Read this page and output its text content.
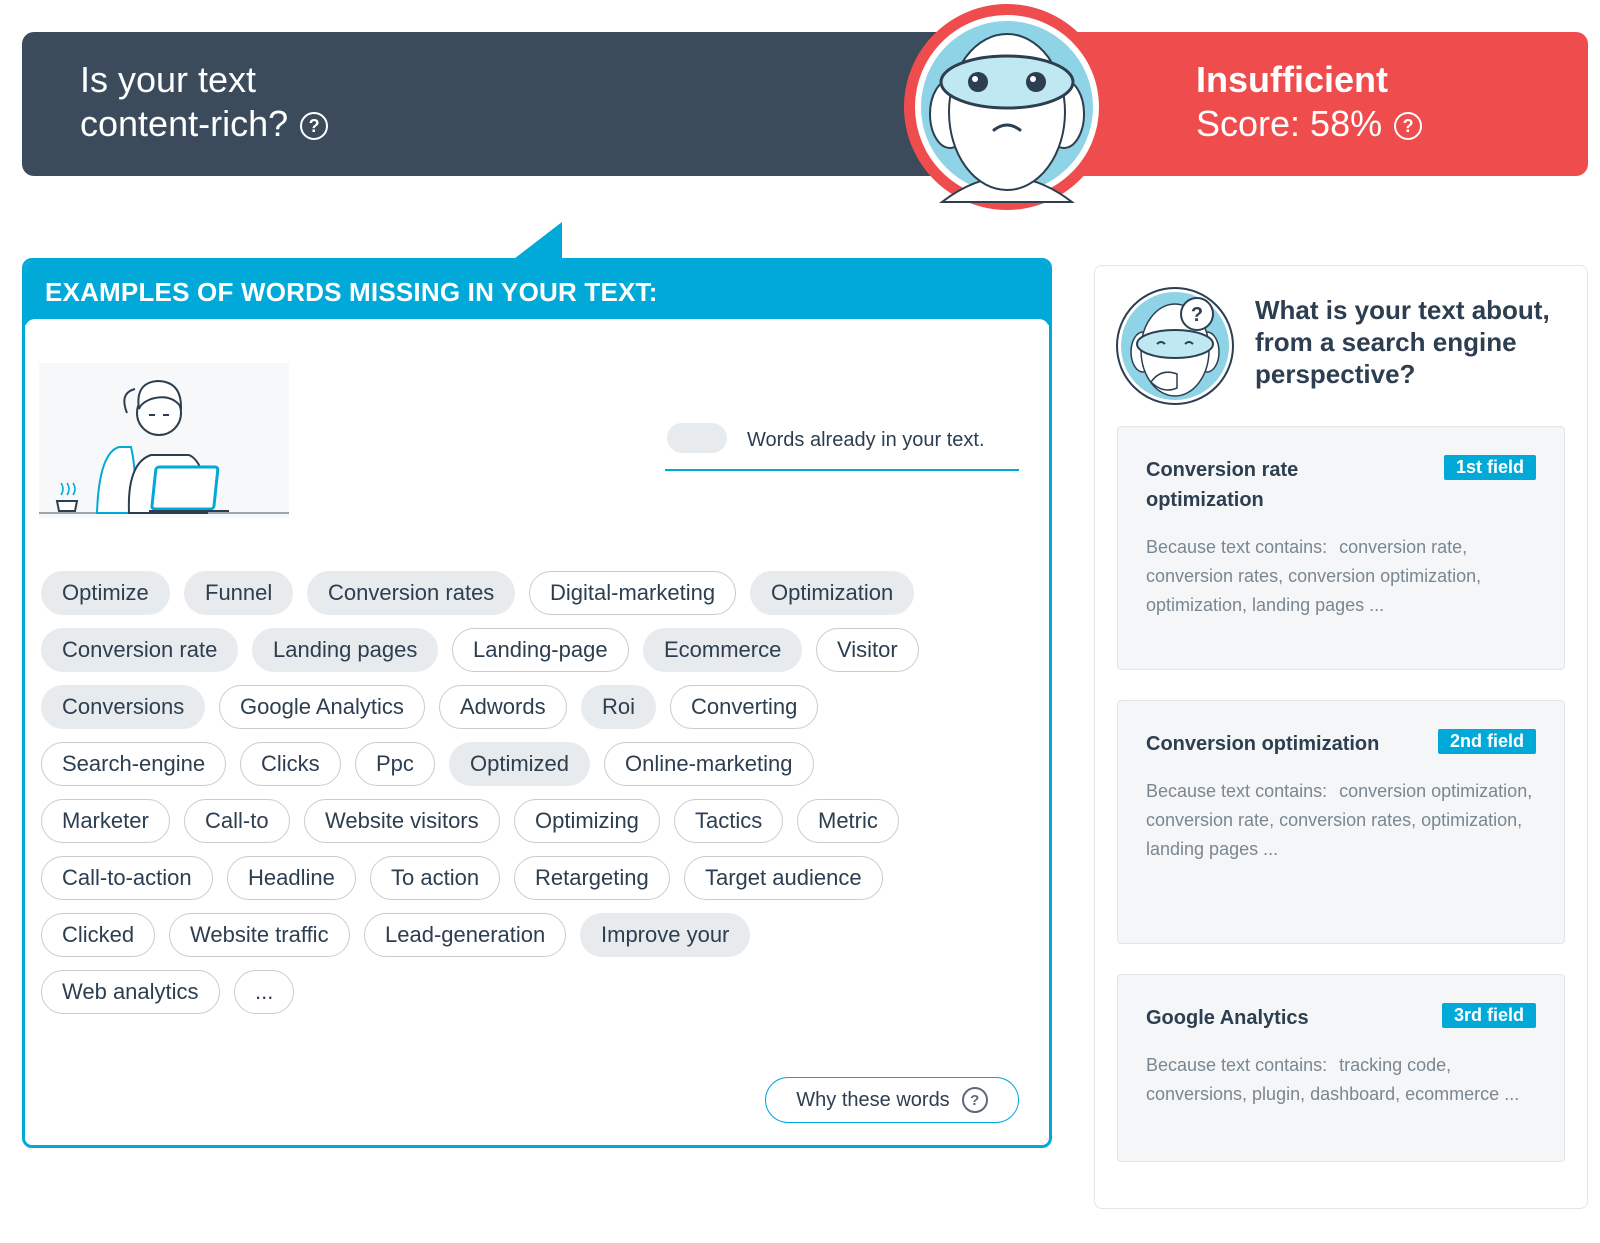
Is your text
content-rich? ?
Insufficient
Score: 58% ?
EXAMPLES OF WORDS MISSING IN YOUR TEXT:
Words already in your text.
Optimize	Funnel	Conversion rates	Digital-marketing	Optimization
Conversion rate	Landing pages	Landing-page	Ecommerce	Visitor
Conversions	Google Analytics	Adwords	Roi	Converting
Search-engine	Clicks	Ppc	Optimized	Online-marketing
Marketer	Call-to	Website visitors	Optimizing	Tactics	Metric
Call-to-action	Headline	To action	Retargeting	Target audience
Clicked	Website traffic	Lead-generation	Improve your
Web analytics	...
Why these words	?
? What is your text about, from a search engine perspective?
Conversion rate optimization
1st field
Because text contains: conversion rate, conversion rates, conversion optimization, optimization, landing pages ...
Conversion optimization	2nd field
Because text contains: conversion optimization, conversion rate, conversion rates, optimization, landing pages ...
Google Analytics	3rd field
Because text contains: tracking code, conversions, plugin, dashboard, ecommerce ...
